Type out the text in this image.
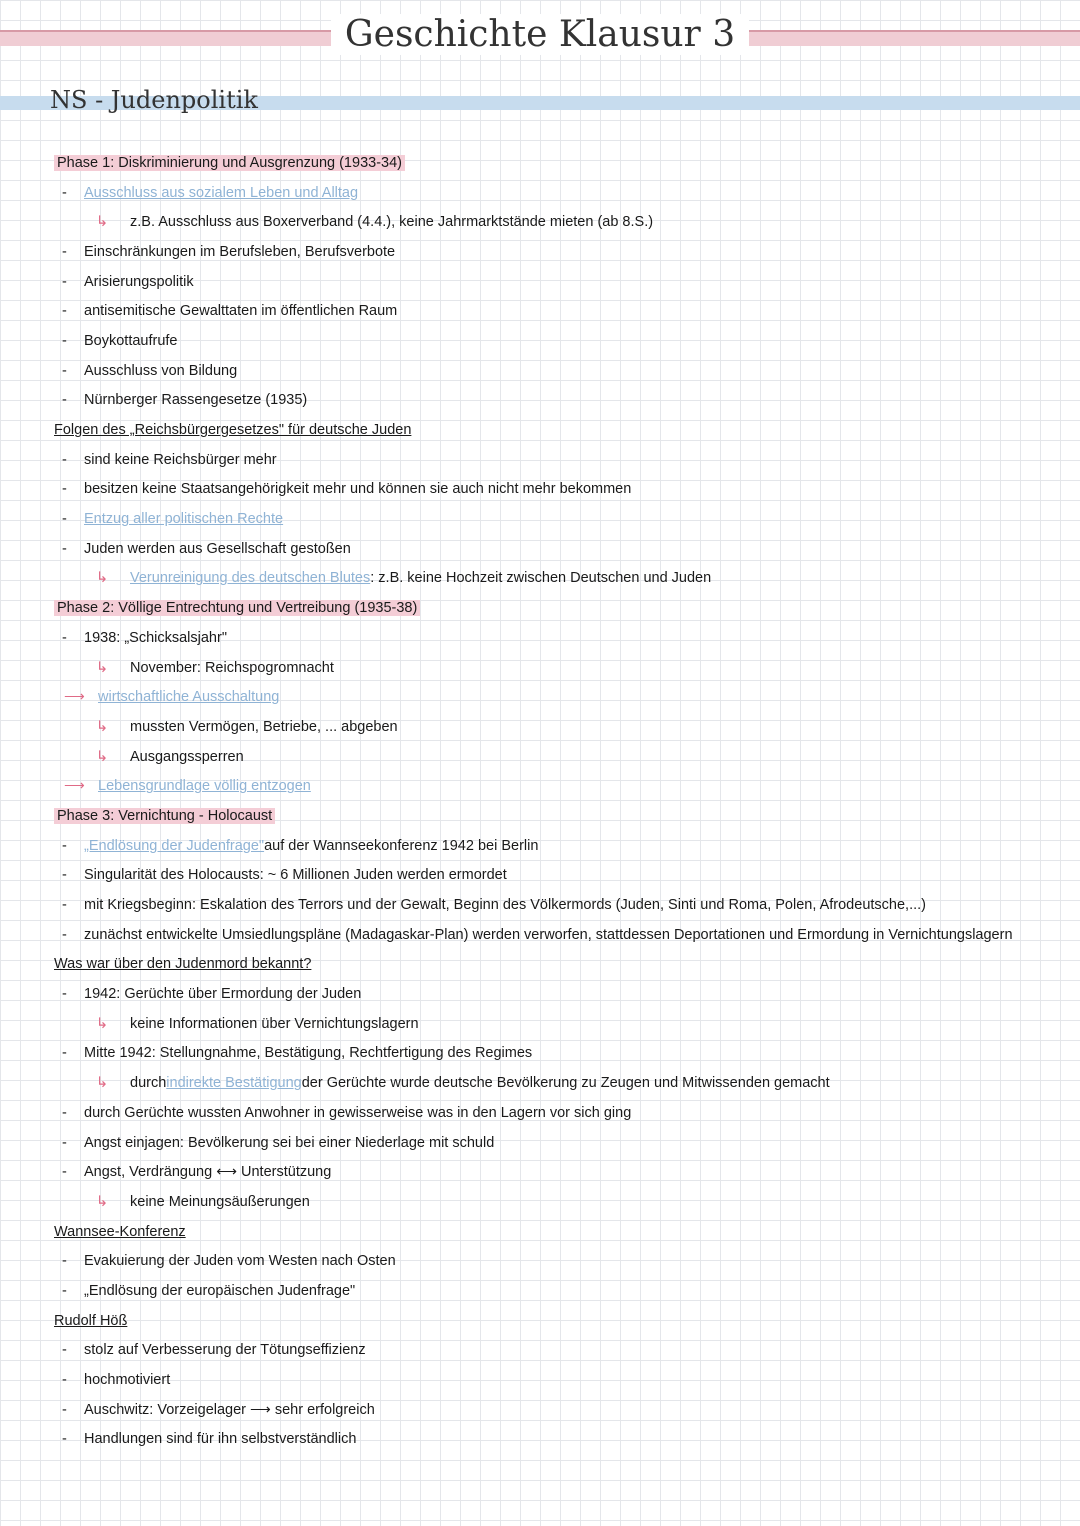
Geschichte Klausur 3
NS - Judenpolitik
Phase 1: Diskriminierung und Ausgrenzung (1933-34)
-	Ausschluss aus sozialem Leben und Alltag
↳	z.B. Ausschluss aus Boxerverband (4.4.), keine Jahrmarktstände mieten (ab 8.S.)
-	Einschränkungen im Berufsleben, Berufsverbote
-	Arisierungspolitik
-	antisemitische Gewalttaten im öffentlichen Raum
-	Boykottaufrufe
-	Ausschluss von Bildung
-	Nürnberger Rassengesetze (1935)
Folgen des „Reichsbürgergesetzes" für deutsche Juden
-	sind keine Reichsbürger mehr
-	besitzen keine Staatsangehörigkeit mehr und können sie auch nicht mehr bekommen
-	Entzug aller politischen Rechte
-	Juden werden aus Gesellschaft gestoßen
↳	Verunreinigung des deutschen Blutes : z.B. keine Hochzeit zwischen Deutschen und Juden
Phase 2: Völlige Entrechtung und Vertreibung (1935-38)
-	1938: „Schicksalsjahr"
↳	November: Reichspogromnacht
⟶ wirtschaftliche Ausschaltung
↳	mussten Vermögen, Betriebe, ... abgeben
↳	Ausgangssperren
⟶ Lebensgrundlage völlig entzogen
Phase 3: Vernichtung - Holocaust
-	„Endlösung der Judenfrage" auf der Wannseekonferenz 1942 bei Berlin
-	Singularität des Holocausts: ~ 6 Millionen Juden werden ermordet
-	mit Kriegsbeginn: Eskalation des Terrors und der Gewalt, Beginn des Völkermords (Juden, Sinti und Roma, Polen, Afrodeutsche,...)
-	zunächst entwickelte Umsiedlungspläne (Madagaskar-Plan) werden verworfen, stattdessen Deportationen und Ermordung in Vernichtungslagern
Was war über den Judenmord bekannt?
-	1942: Gerüchte über Ermordung der Juden
↳	keine Informationen über Vernichtungslagern
-	Mitte 1942: Stellungnahme, Bestätigung, Rechtfertigung des Regimes
↳	durch indirekte Bestätigung der Gerüchte wurde deutsche Bevölkerung zu Zeugen und Mitwissenden gemacht
-	durch Gerüchte wussten Anwohner in gewisserweise was in den Lagern vor sich ging
-	Angst einjagen: Bevölkerung sei bei einer Niederlage mit schuld
-	Angst, Verdrängung ⟷ Unterstützung
↳	keine Meinungsäußerungen
Wannsee-Konferenz
-	Evakuierung der Juden vom Westen nach Osten
-	„Endlösung der europäischen Judenfrage"
Rudolf Höß
-	stolz auf Verbesserung der Tötungseffizienz
-	hochmotiviert
-	Auschwitz: Vorzeigelager ⟶ sehr erfolgreich
-	Handlungen sind für ihn selbstverständlich
